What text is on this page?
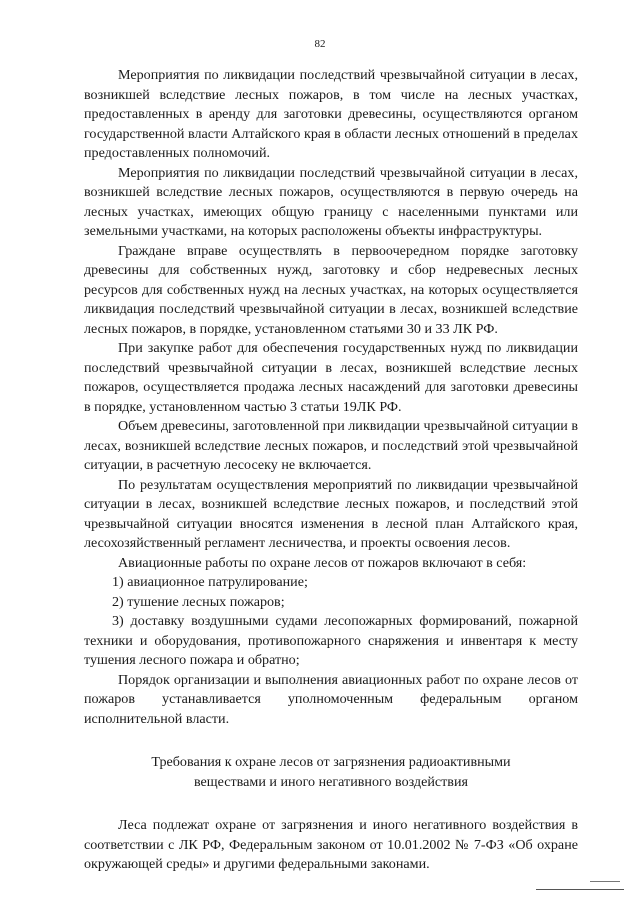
82

Мероприятия по ликвидации последствий чрезвычайной ситуации в лесах, возникшей вследствие лесных пожаров, в том числе на лесных участках, предоставленных в аренду для заготовки древесины, осуществляются органом государственной власти Алтайского края в области лесных отношений в пределах предоставленных полномочий.

Мероприятия по ликвидации последствий чрезвычайной ситуации в лесах, возникшей вследствие лесных пожаров, осуществляются в первую очередь на лесных участках, имеющих общую границу с населенными пунктами или земельными участками, на которых расположены объекты инфраструктуры.

Граждане вправе осуществлять в первоочередном порядке заготовку древесины для собственных нужд, заготовку и сбор недревесных лесных ресурсов для собственных нужд на лесных участках, на которых осуществляется ликвидация последствий чрезвычайной ситуации в лесах, возникшей вследствие лесных пожаров, в порядке, установленном статьями 30 и 33 ЛК РФ.

При закупке работ для обеспечения государственных нужд по ликвидации последствий чрезвычайной ситуации в лесах, возникшей вследствие лесных пожаров, осуществляется продажа лесных насаждений для заготовки древесины в порядке, установленном частью 3 статьи 19ЛК РФ.

Объем древесины, заготовленной при ликвидации чрезвычайной ситуации в лесах, возникшей вследствие лесных пожаров, и последствий этой чрезвычайной ситуации, в расчетную лесосеку не включается.

По результатам осуществления мероприятий по ликвидации чрезвычайной ситуации в лесах, возникшей вследствие лесных пожаров, и последствий этой чрезвычайной ситуации вносятся изменения в лесной план Алтайского края, лесохозяйственный регламент лесничества, и проекты освоения лесов.

Авиационные работы по охране лесов от пожаров включают в себя:

1) авиационное патрулирование;

2) тушение лесных пожаров;

3) доставку воздушными судами лесопожарных формирований, пожарной техники и оборудования, противопожарного снаряжения и инвентаря к месту тушения лесного пожара и обратно;

Порядок организации и выполнения авиационных работ по охране лесов от пожаров устанавливается уполномоченным федеральным органом исполнительной власти.

Требования к охране лесов от загрязнения радиоактивными
веществами и иного негативного воздействия

Леса подлежат охране от загрязнения и иного негативного воздействия в соответствии с ЛК РФ, Федеральным законом от 10.01.2002 № 7-ФЗ «Об охране окружающей среды» и другими федеральными законами.
